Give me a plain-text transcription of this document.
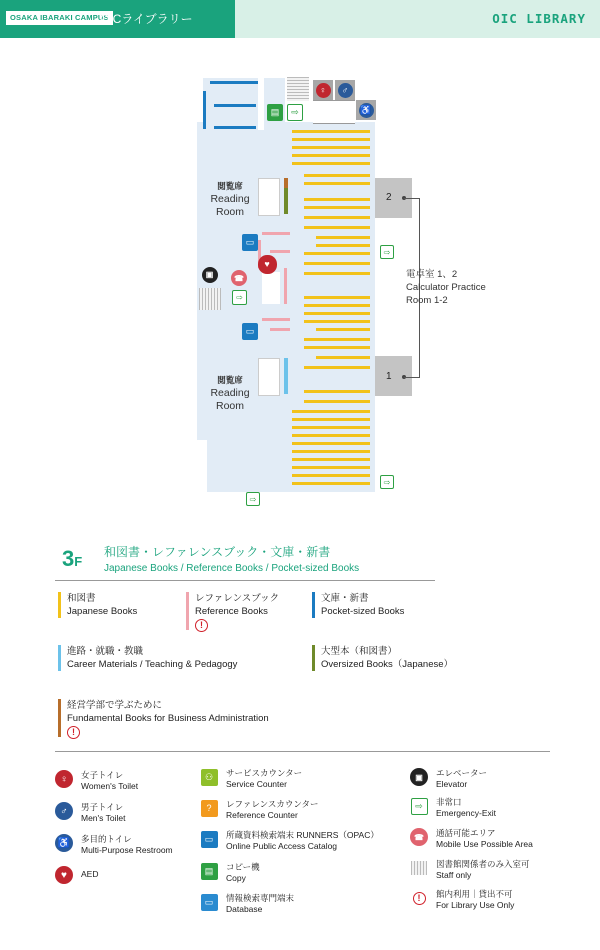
OSAKA IBARAKI CAMPUS
OICライブラリー	OIC LIBRARY
♀	♂
♿
▤	⇨
閲覧席
Reading
Room
閲覧席
Reading
Room
▭
▭
▣	☎
⇨
♥
⇨
⇨
⇨
2
1
電卓室 1、2
Calculator Practice
Room 1-2
3F
和図書・レファレンスブック・文庫・新書
Japanese Books / Reference Books / Pocket-sized Books
和図書
Japanese Books
レファレンスブック
Reference Books
!
文庫・新書
Pocket-sized Books
進路・就職・教職
Career Materials / Teaching & Pedagogy
大型本（和図書）
Oversized Books（Japanese）
経営学部で学ぶために
Fundamental Books for Business Administration
!
♀	女子トイレ
Women's Toilet
♂	男子トイレ
Men's Toilet
♿	多目的トイレ
Multi-Purpose Restroom
♥	AED
⚇	サービスカウンター
Service Counter
?	レファレンスカウンター
Reference Counter
▭	所蔵資料検索端末 RUNNERS（OPAC）
Online Public Access Catalog
▤	コピー機
Copy
▭	情報検索専門端末
Database
▣	エレベーター
Elevator
⇨	非常口
Emergency-Exit
☎	通話可能エリア
Mobile Use Possible Area
図書館関係者のみ入室可
Staff only
!	館内利用｜貸出不可
For Library Use Only
